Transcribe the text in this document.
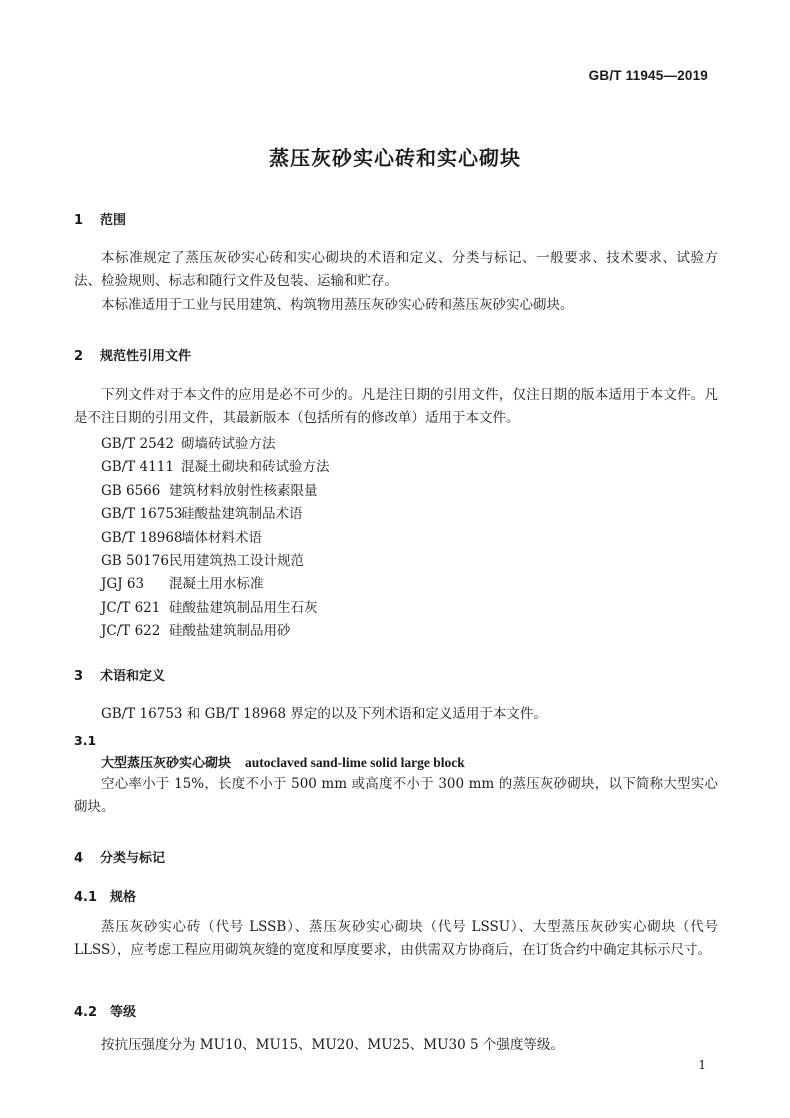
GB/T 11945—2019
蒸压灰砂实心砖和实心砌块
1 范围
本标准规定了蒸压灰砂实心砖和实心砌块的术语和定义、分类与标记、一般要求、技术要求、试验方法、检验规则、标志和随行文件及包装、运输和贮存。
本标准适用于工业与民用建筑、构筑物用蒸压灰砂实心砖和蒸压灰砂实心砌块。
2 规范性引用文件
下列文件对于本文件的应用是必不可少的。凡是注日期的引用文件，仅注日期的版本适用于本文件。凡是不注日期的引用文件，其最新版本（包括所有的修改单）适用于本文件。
GB/T 2542 砌墙砖试验方法
GB/T 4111 混凝土砌块和砖试验方法
GB 6566 建筑材料放射性核素限量
GB/T 16753硅酸盐建筑制品术语
GB/T 18968墙体材料术语
GB 50176民用建筑热工设计规范
JGJ 63 混凝土用水标准
JC/T 621 硅酸盐建筑制品用生石灰
JC/T 622 硅酸盐建筑制品用砂
3 术语和定义
GB/T 16753 和 GB/T 18968 界定的以及下列术语和定义适用于本文件。
3.1
大型蒸压灰砂实心砌块 autoclaved sand-lime solid large block
空心率小于 15%，长度不小于 500 mm 或高度不小于 300 mm 的蒸压灰砂砌块，以下简称大型实心砌块。
4 分类与标记
4.1 规格
蒸压灰砂实心砖（代号 LSSB）、蒸压灰砂实心砌块（代号 LSSU）、大型蒸压灰砂实心砌块（代号 LLSS），应考虑工程应用砌筑灰缝的宽度和厚度要求，由供需双方协商后，在订货合约中确定其标示尺寸。
4.2 等级
按抗压强度分为 MU10、MU15、MU20、MU25、MU30 5 个强度等级。
1
